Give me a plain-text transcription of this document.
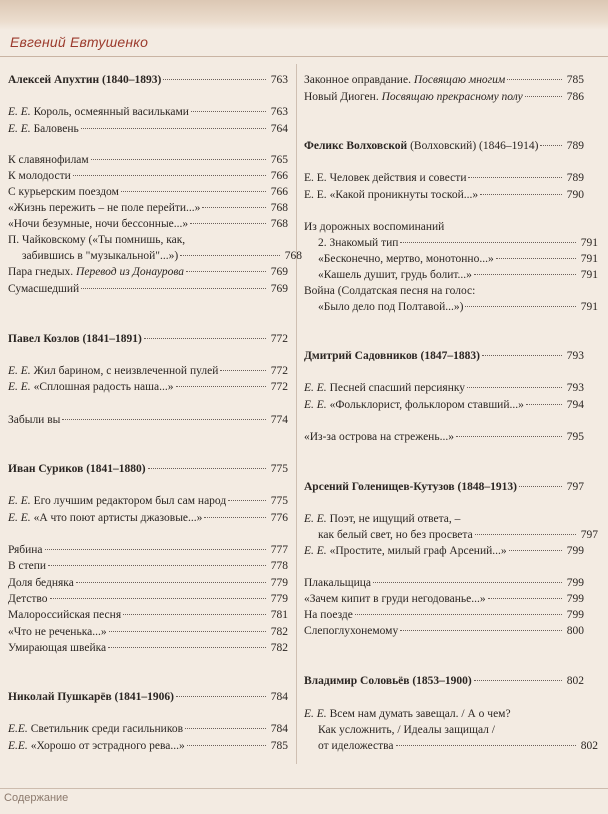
Евгений Евтушенко
Алексей Апухтин (1840–1893)	763
Е. Е. Король, осмеянный васильками	763
Е. Е. Баловень	764
К славянофилам	765
К молодости	766
С курьерским поездом	766
«Жизнь пережить – не поле перейти...»	768
«Ночи безумные, ночи бессонные...»	768
П. Чайковскому («Ты помнишь, как,
забившись в "музыкальной"...»)	768
Пара гнедых. Перевод из Донаурова	769
Сумасшедший	769
Павел Козлов (1841–1891)	772
Е. Е. Жил барином, с неизвлеченной пулей	772
Е. Е. «Сплошная радость наша...»	772
Забыли вы	774
Иван Суриков (1841–1880)	775
Е. Е. Его лучшим редактором был сам народ	775
Е. Е. «А что поют артисты джазовые...»	776
Рябина	777
В степи	778
Доля бедняка	779
Детство	779
Малороссийская песня	781
«Что не реченька...»	782
Умирающая швейка	782
Николай Пушкарёв (1841–1906)	784
Е.Е. Светильник среди гасильников	784
Е.Е. «Хорошо от эстрадного рева...»	785
Законное оправдание. Посвящаю многим	785
Новый Диоген. Посвящаю прекрасному полу	786
Феликс Волховской (Волховский) (1846–1914) 789
Е. Е. Человек действия и совести	789
Е. Е. «Какой проникнуты тоской...»	790
Из дорожных воспоминаний
2. Знакомый тип	791
«Бесконечно, мертво, монотонно...»	791
«Кашель душит, грудь болит...»	791
Война (Солдатская песня на голос:
«Было дело под Полтавой...»)	791
Дмитрий Садовников (1847–1883)	793
Е. Е. Песней спасший персиянку	793
Е. Е. «Фольклорист, фольклором ставший...»	794
«Из-за острова на стрежень...»	795
Арсений Голенищев-Кутузов (1848–1913)	797
Е. Е. Поэт, не ищущий ответа, –
как белый свет, но без просвета	797
Е. Е. «Простите, милый граф Арсений...»	799
Плакальщица	799
«Зачем кипит в груди негодованье...»	799
На поезде	799
Слепоглухонемому	800
Владимир Соловьёв (1853–1900)	802
Е. Е. Всем нам думать завещал. / А о чем?
Как усложнить, / Идеалы защищал /
от иделожества	802
Содержание
